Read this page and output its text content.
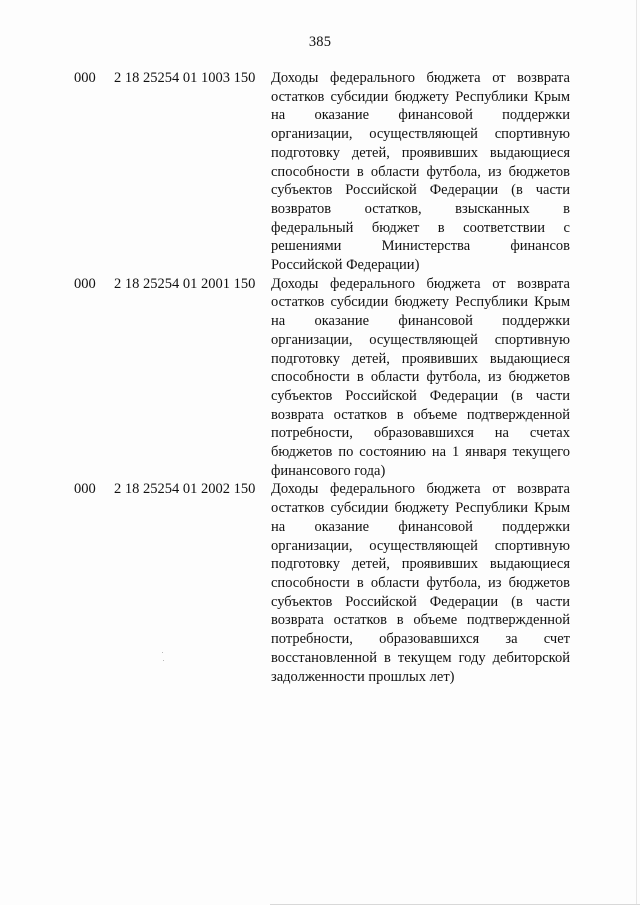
385
000 2 18 25254 01 1003 150 Доходы федерального бюджета от возврата
остатков субсидии бюджету Республики Крым
на оказание финансовой поддержки
организации, осуществляющей спортивную
подготовку детей, проявивших выдающиеся
способности в области футбола, из бюджетов
субъектов Российской Федерации (в части
возвратов остатков, взысканных в
федеральный бюджет в соответствии с
решениями Министерства финансов
Российской Федерации)
000 2 18 25254 01 2001 150 Доходы федерального бюджета от возврата
остатков субсидии бюджету Республики Крым
на оказание финансовой поддержки
организации, осуществляющей спортивную
подготовку детей, проявивших выдающиеся
способности в области футбола, из бюджетов
субъектов Российской Федерации (в части
возврата остатков в объеме подтвержденной
потребности, образовавшихся на счетах
бюджетов по состоянию на 1 января текущего
финансового года)
000 2 18 25254 01 2002 150 Доходы федерального бюджета от возврата
остатков субсидии бюджету Республики Крым
на оказание финансовой поддержки
организации, осуществляющей спортивную
подготовку детей, проявивших выдающиеся
способности в области футбола, из бюджетов
субъектов Российской Федерации (в части
возврата остатков в объеме подтвержденной
потребности, образовавшихся за счет
восстановленной в текущем году дебиторской
задолженности прошлых лет)
